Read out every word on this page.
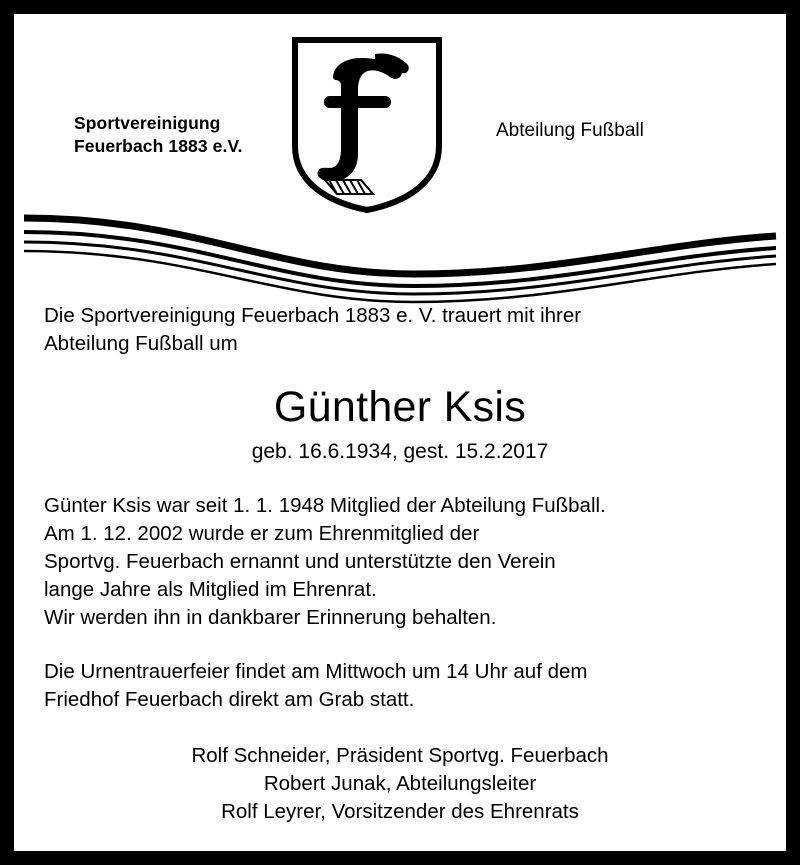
Sportvereinigung
Feuerbach 1883 e.V.
Abteilung Fußball

Die Sportvereinigung Feuerbach 1883 e. V. trauert mit ihrer
Abteilung Fußball um

Günther Ksis
geb. 16.6.1934, gest. 15.2.2017

Günter Ksis war seit 1. 1. 1948 Mitglied der Abteilung Fußball.
Am 1. 12. 2002 wurde er zum Ehrenmitglied der
Sportvg. Feuerbach ernannt und unterstützte den Verein
lange Jahre als Mitglied im Ehrenrat.
Wir werden ihn in dankbarer Erinnerung behalten.

Die Urnentrauerfeier findet am Mittwoch um 14 Uhr auf dem
Friedhof Feuerbach direkt am Grab statt.

Rolf Schneider, Präsident Sportvg. Feuerbach
Robert Junak, Abteilungsleiter
Rolf Leyrer, Vorsitzender des Ehrenrats
